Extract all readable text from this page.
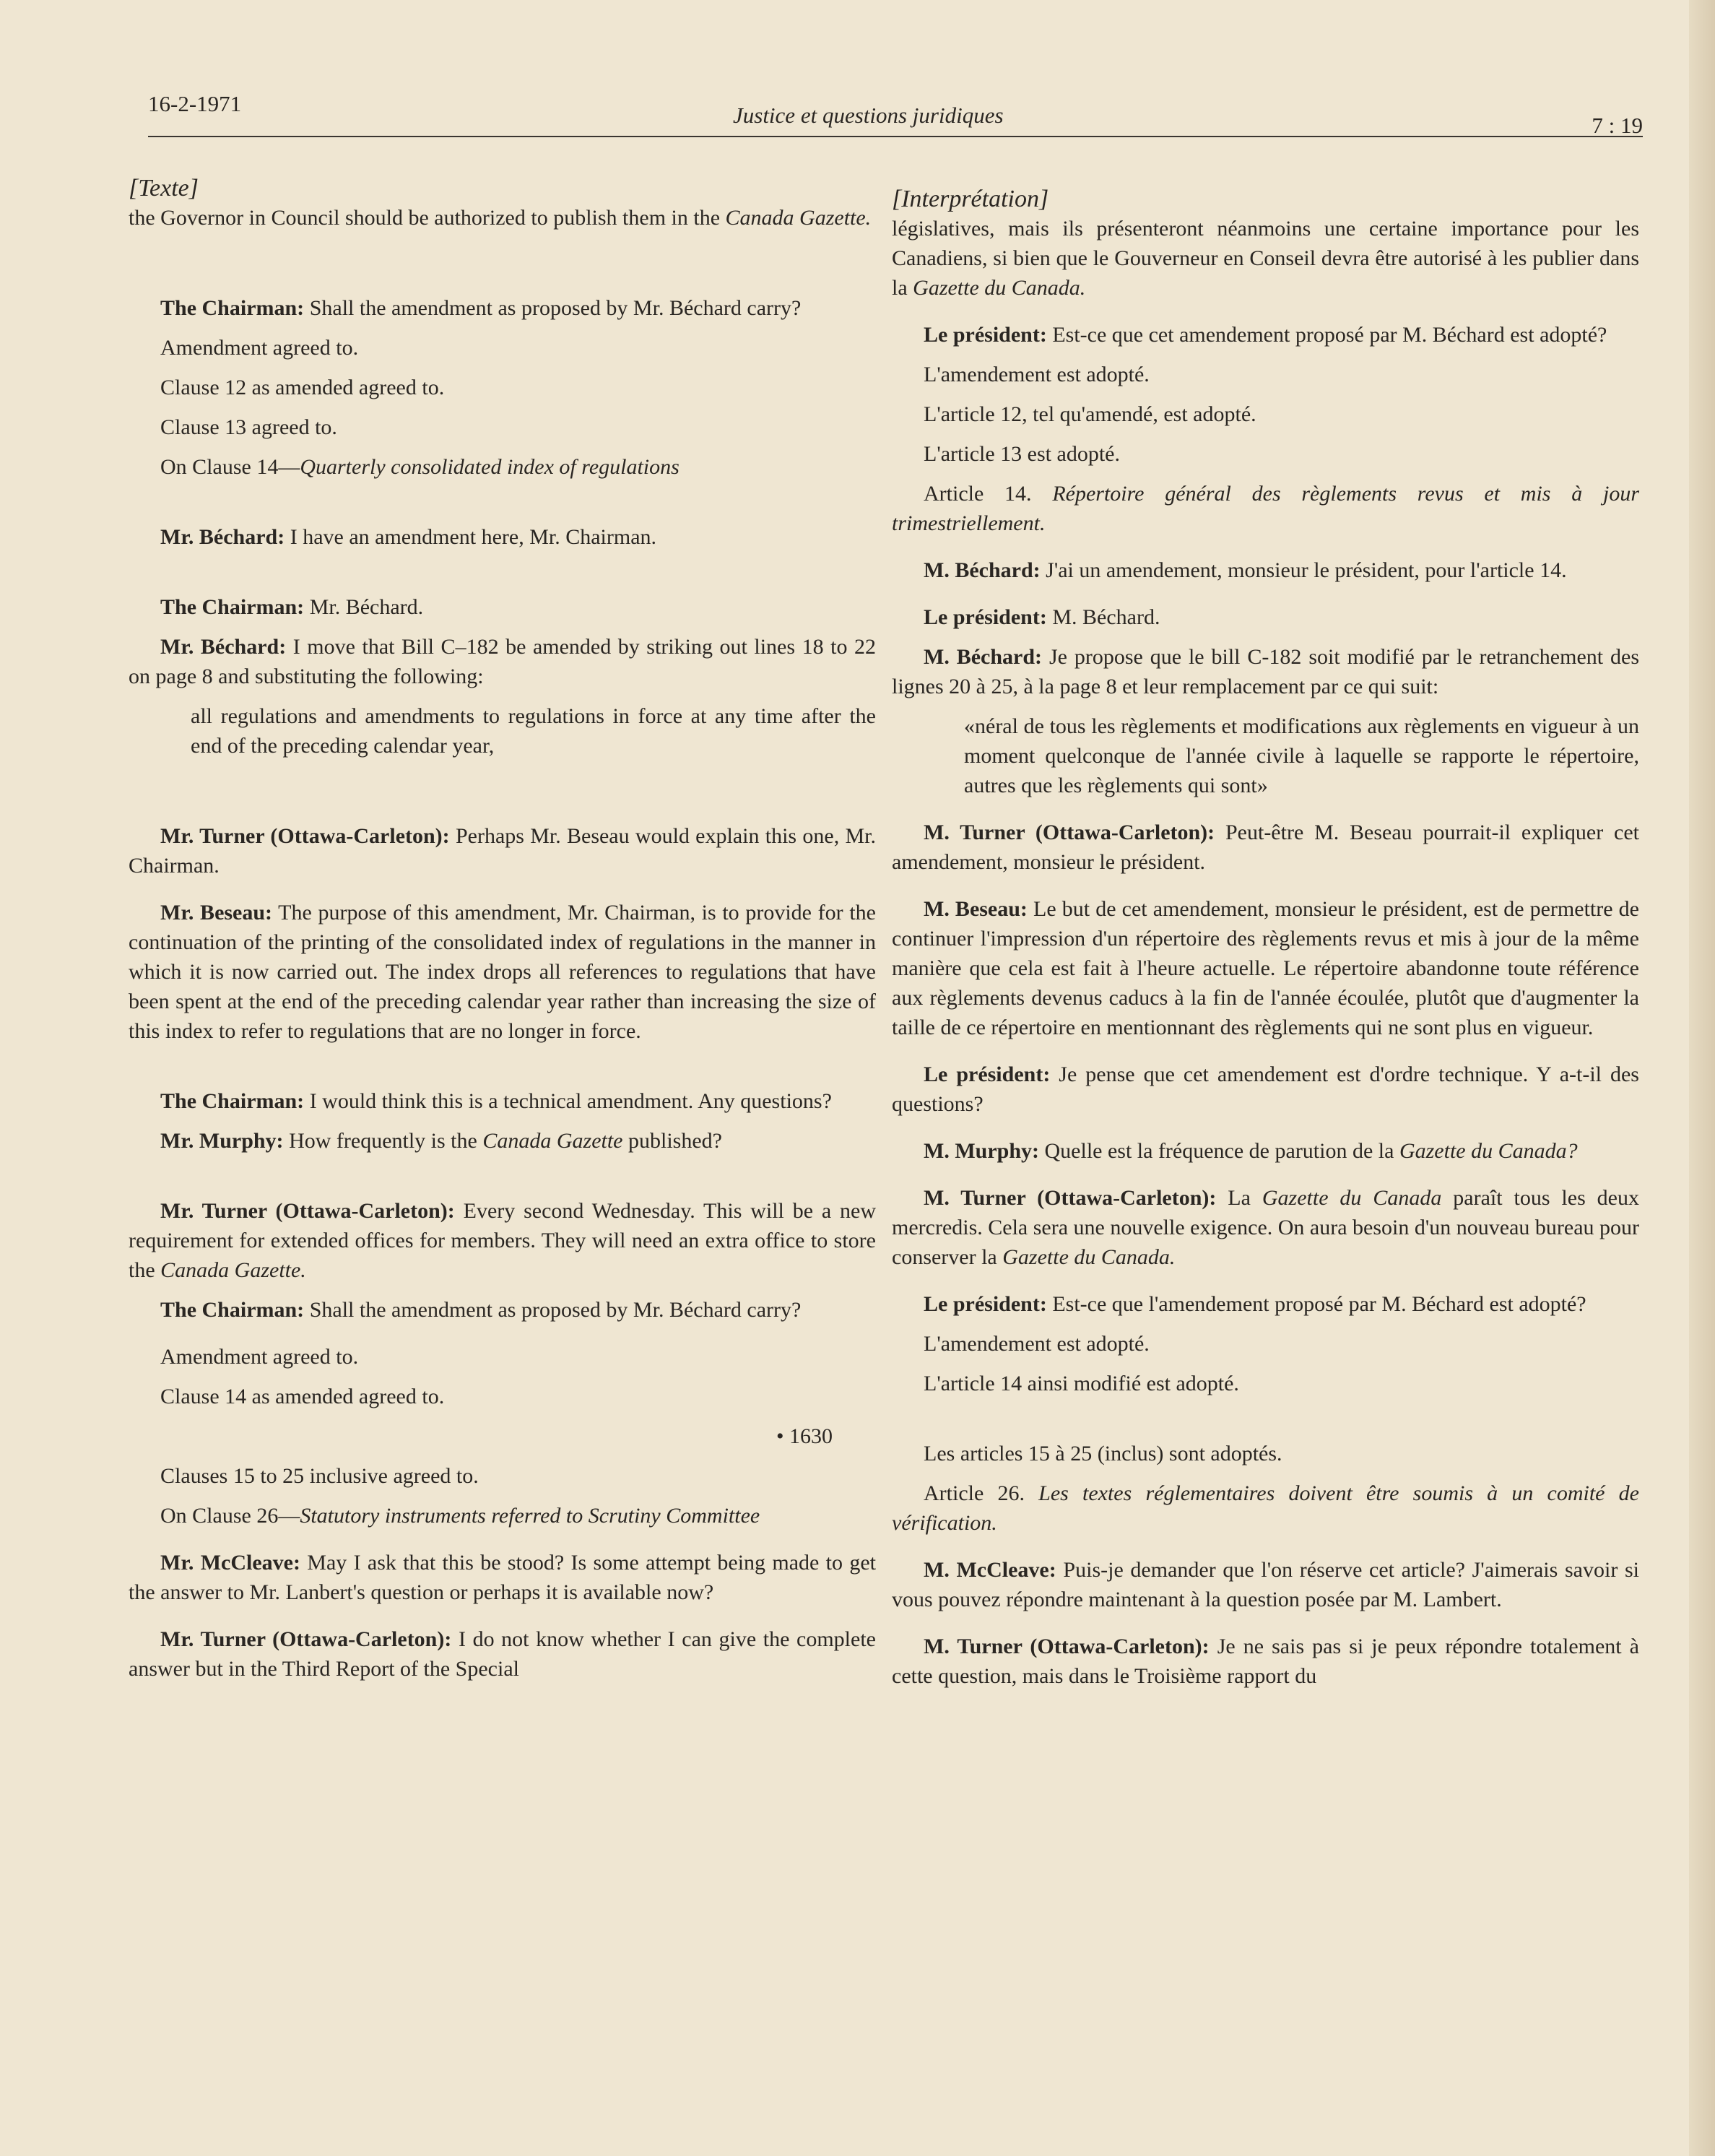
16-2-1971	Justice et questions juridiques	7 : 19

[Texte]

the Governor in Council should be authorized to publish them in the Canada Gazette.

The Chairman: Shall the amendment as proposed by Mr. Béchard carry?

Amendment agreed to.

Clause 12 as amended agreed to.

Clause 13 agreed to.

On Clause 14—Quarterly consolidated index of regulations

Mr. Béchard: I have an amendment here, Mr. Chairman.

The Chairman: Mr. Béchard.

Mr. Béchard: I move that Bill C–182 be amended by striking out lines 18 to 22 on page 8 and substituting the following:

all regulations and amendments to regulations in force at any time after the end of the preceding calendar year,

Mr. Turner (Ottawa-Carleton): Perhaps Mr. Beseau would explain this one, Mr. Chairman.

Mr. Beseau: The purpose of this amendment, Mr. Chairman, is to provide for the continuation of the printing of the consolidated index of regulations in the manner in which it is now carried out. The index drops all references to regulations that have been spent at the end of the preceding calendar year rather than increasing the size of this index to refer to regulations that are no longer in force.

The Chairman: I would think this is a technical amendment. Any questions?

Mr. Murphy: How frequently is the Canada Gazette published?

Mr. Turner (Ottawa-Carleton): Every second Wednesday. This will be a new requirement for extended offices for members. They will need an extra office to store the Canada Gazette.

The Chairman: Shall the amendment as proposed by Mr. Béchard carry?

Amendment agreed to.

Clause 14 as amended agreed to.

• 1630

Clauses 15 to 25 inclusive agreed to.

On Clause 26—Statutory instruments referred to Scrutiny Committee

Mr. McCleave: May I ask that this be stood? Is some attempt being made to get the answer to Mr. Lanbert's question or perhaps it is available now?

Mr. Turner (Ottawa-Carleton): I do not know whether I can give the complete answer but in the Third Report of the Special

[Interprétation]

législatives, mais ils présenteront néanmoins une certaine importance pour les Canadiens, si bien que le Gouverneur en Conseil devra être autorisé à les publier dans la Gazette du Canada.

Le président: Est-ce que cet amendement proposé par M. Béchard est adopté?

L'amendement est adopté.

L'article 12, tel qu'amendé, est adopté.

L'article 13 est adopté.

Article 14. Répertoire général des règlements revus et mis à jour trimestriellement.

M. Béchard: J'ai un amendement, monsieur le président, pour l'article 14.

Le président: M. Béchard.

M. Béchard: Je propose que le bill C-182 soit modifié par le retranchement des lignes 20 à 25, à la page 8 et leur remplacement par ce qui suit:

«néral de tous les règlements et modifications aux règlements en vigueur à un moment quelconque de l'année civile à laquelle se rapporte le répertoire, autres que les règlements qui sont»

M. Turner (Ottawa-Carleton): Peut-être M. Beseau pourrait-il expliquer cet amendement, monsieur le président.

M. Beseau: Le but de cet amendement, monsieur le président, est de permettre de continuer l'impression d'un répertoire des règlements revus et mis à jour de la même manière que cela est fait à l'heure actuelle. Le répertoire abandonne toute référence aux règlements devenus caducs à la fin de l'année écoulée, plutôt que d'augmenter la taille de ce répertoire en mentionnant des règlements qui ne sont plus en vigueur.

Le président: Je pense que cet amendement est d'ordre technique. Y a-t-il des questions?

M. Murphy: Quelle est la fréquence de parution de la Gazette du Canada?

M. Turner (Ottawa-Carleton): La Gazette du Canada paraît tous les deux mercredis. Cela sera une nouvelle exigence. On aura besoin d'un nouveau bureau pour conserver la Gazette du Canada.

Le président: Est-ce que l'amendement proposé par M. Béchard est adopté?

L'amendement est adopté.

L'article 14 ainsi modifié est adopté.

Les articles 15 à 25 (inclus) sont adoptés.

Article 26. Les textes réglementaires doivent être soumis à un comité de vérification.

M. McCleave: Puis-je demander que l'on réserve cet article? J'aimerais savoir si vous pouvez répondre maintenant à la question posée par M. Lambert.

M. Turner (Ottawa-Carleton): Je ne sais pas si je peux répondre totalement à cette question, mais dans le Troisième rapport du
